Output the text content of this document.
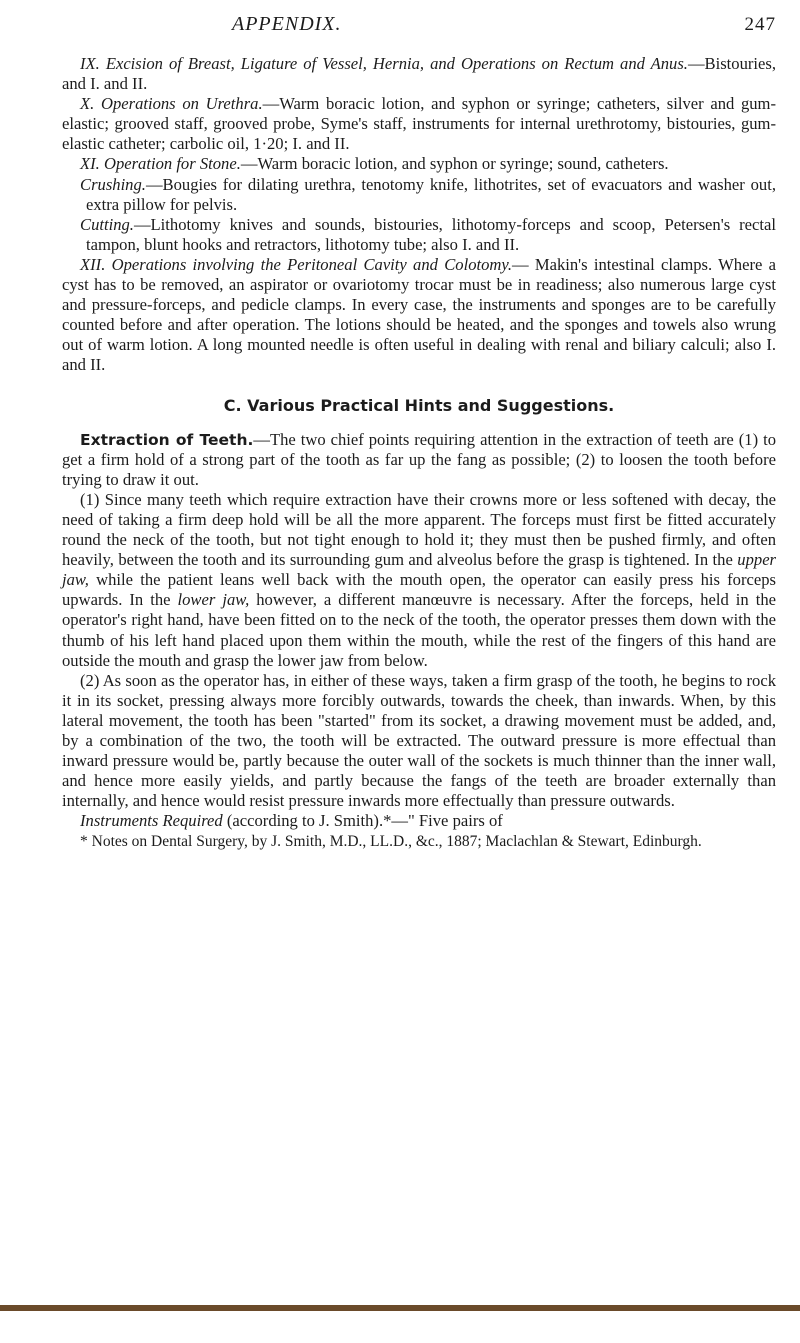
APPENDIX.	247

IX. Excision of Breast, Ligature of Vessel, Hernia, and Operations on Rectum and Anus.—Bistouries, and I. and II.

X. Operations on Urethra.—Warm boracic lotion, and syphon or syringe; catheters, silver and gum-elastic; grooved staff, grooved probe, Syme's staff, instruments for internal urethrotomy, bistouries, gum-elastic catheter; carbolic oil, 1·20; I. and II.

XI. Operation for Stone.—Warm boracic lotion, and syphon or syringe; sound, catheters.

Crushing.—Bougies for dilating urethra, tenotomy knife, lithotrites, set of evacuators and washer out, extra pillow for pelvis.

Cutting.—Lithotomy knives and sounds, bistouries, lithotomy-forceps and scoop, Petersen's rectal tampon, blunt hooks and retractors, lithotomy tube; also I. and II.

XII. Operations involving the Peritoneal Cavity and Colotomy.— Makin's intestinal clamps. Where a cyst has to be removed, an aspirator or ovariotomy trocar must be in readiness; also numerous large cyst and pressure-forceps, and pedicle clamps. In every case, the instruments and sponges are to be carefully counted before and after operation. The lotions should be heated, and the sponges and towels also wrung out of warm lotion. A long mounted needle is often useful in dealing with renal and biliary calculi; also I. and II.

C. Various Practical Hints and Suggestions.

Extraction of Teeth.—The two chief points requiring attention in the extraction of teeth are (1) to get a firm hold of a strong part of the tooth as far up the fang as possible; (2) to loosen the tooth before trying to draw it out.

(1) Since many teeth which require extraction have their crowns more or less softened with decay, the need of taking a firm deep hold will be all the more apparent. The forceps must first be fitted accurately round the neck of the tooth, but not tight enough to hold it; they must then be pushed firmly, and often heavily, between the tooth and its surrounding gum and alveolus before the grasp is tightened. In the upper jaw, while the patient leans well back with the mouth open, the operator can easily press his forceps upwards. In the lower jaw, however, a different manœuvre is necessary. After the forceps, held in the operator's right hand, have been fitted on to the neck of the tooth, the operator presses them down with the thumb of his left hand placed upon them within the mouth, while the rest of the fingers of this hand are outside the mouth and grasp the lower jaw from below.

(2) As soon as the operator has, in either of these ways, taken a firm grasp of the tooth, he begins to rock it in its socket, pressing always more forcibly outwards, towards the cheek, than inwards. When, by this lateral movement, the tooth has been "started" from its socket, a drawing movement must be added, and, by a combination of the two, the tooth will be extracted. The outward pressure is more effectual than inward pressure would be, partly because the outer wall of the sockets is much thinner than the inner wall, and hence more easily yields, and partly because the fangs of the teeth are broader externally than internally, and hence would resist pressure inwards more effectually than pressure outwards.

Instruments Required (according to J. Smith).*—" Five pairs of

* Notes on Dental Surgery, by J. Smith, M.D., LL.D., &c., 1887; Maclachlan & Stewart, Edinburgh.
